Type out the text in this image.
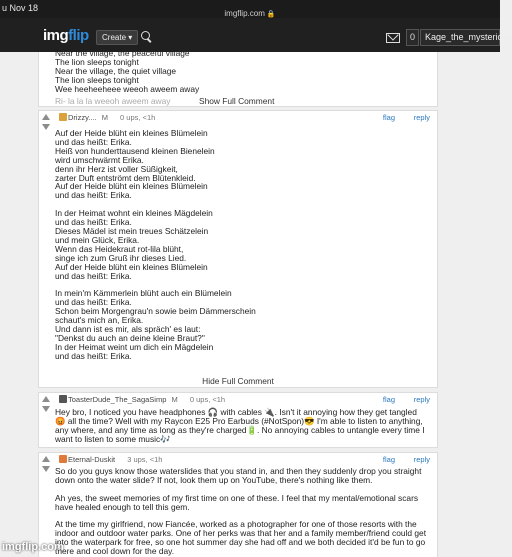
u Nov 18
imgflip.com 🔒
imgflip	Create ▾	0	Kage_the_mysterious
Near the village, the peaceful village
The lion sleeps tonight
Near the village, the quiet village
The lion sleeps tonight
Wee heeheeheee weeoh aweem away
Ri- la la la weeoh aweem away	Show Full Comment
Drizzy.... M 0 ups, <1h	flag reply
Auf der Heide blüht ein kleines Blümelein
und das heißt: Erika.
Heiß von hunderttausend kleinen Bienelein
wird umschwärmt Erika.
denn ihr Herz ist voller Süßigkeit,
zarter Duft entströmt dem Blütenkleid.
Auf der Heide blüht ein kleines Blümelein
und das heißt: Erika.

In der Heimat wohnt ein kleines Mägdelein
und das heißt: Erika.
Dieses Mädel ist mein treues Schätzelein
und mein Glück, Erika.
Wenn das Heidekraut rot-lila blüht,
singe ich zum Gruß ihr dieses Lied.
Auf der Heide blüht ein kleines Blümelein
und das heißt: Erika.

In mein'm Kämmerlein blüht auch ein Blümelein
und das heißt: Erika.
Schon beim Morgengrau'n sowie beim Dämmerschein
schaut's mich an, Erika.
Und dann ist es mir, als spräch' es laut:
"Denkst du auch an deine kleine Braut?"
In der Heimat weint um dich ein Mägdelein
und das heißt: Erika.
Hide Full Comment
ToasterDude_The_SagaSimp M 0 ups, <1h	flag reply
Hey bro, I noticed you have headphones 🎧 with cables 🔌. Isn't it annoying how they get tangled 😡 all the time? Well with my Raycon E25 Pro Earbuds (#NotSpon)😎 I'm able to listen to anything, any where, and any time as long as they're charged🔋. No annoying cables to untangle every time I want to listen to some music🎶
Eternal-Duskit 3 ups, <1h	flag reply
So do you guys know those waterslides that you stand in, and then they suddenly drop you straight down onto the water slide? If not, look them up on YouTube, there's nothing like them.

Ah yes, the sweet memories of my first time on one of these. I feel that my mental/emotional scars have healed enough to tell this gem.

At the time my girlfriend, now Fiancée, worked as a photographer for one of those resorts with the indoor and outdoor water parks. One of her perks was that her and a family member/friend could get into the waterpark for free, so one hot summer day she had off and we both decided it'd be fun to go there and cool down for the day.
imgflip.com
